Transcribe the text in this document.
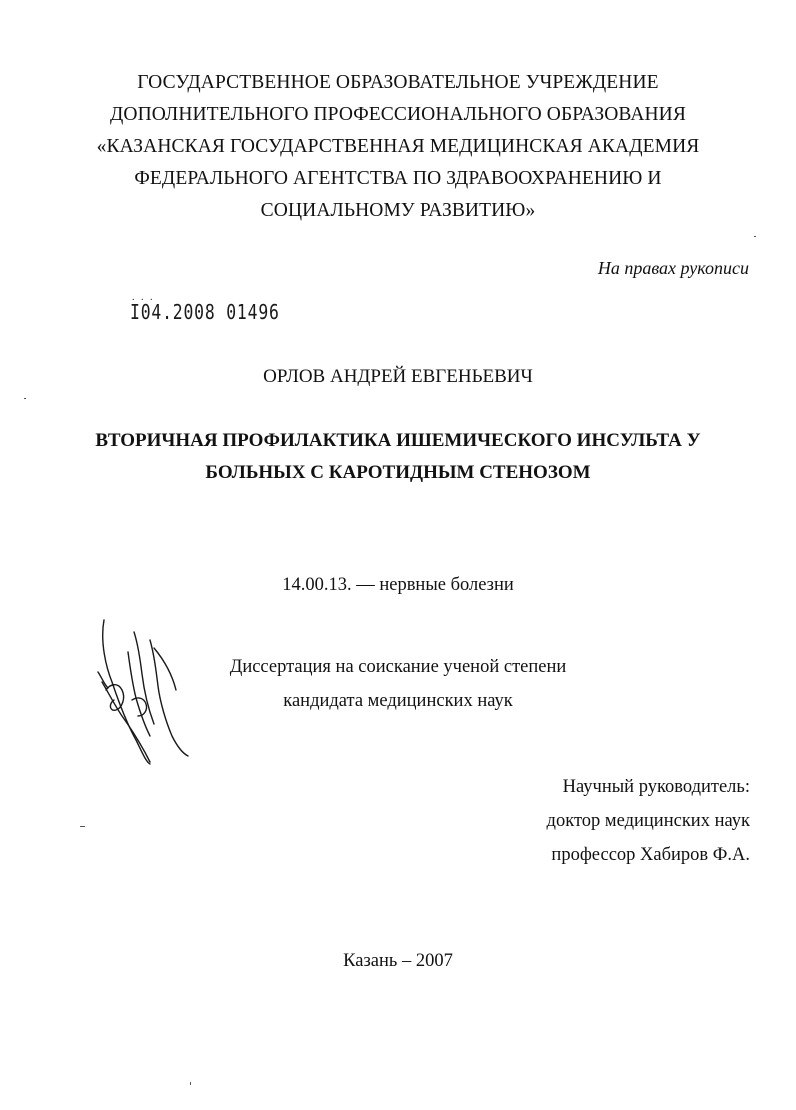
ГОСУДАРСТВЕННОЕ ОБРАЗОВАТЕЛЬНОЕ УЧРЕЖДЕНИЕ
ДОПОЛНИТЕЛЬНОГО ПРОФЕССИОНАЛЬНОГО ОБРАЗОВАНИЯ
«КАЗАНСКАЯ ГОСУДАРСТВЕННАЯ МЕДИЦИНСКАЯ АКАДЕМИЯ
ФЕДЕРАЛЬНОГО АГЕНТСТВА ПО ЗДРАВООХРАНЕНИЮ И
СОЦИАЛЬНОМУ РАЗВИТИЮ»
На правах рукописи
. . .
I04.2008 01496
ОРЛОВ АНДРЕЙ ЕВГЕНЬЕВИЧ
ВТОРИЧНАЯ ПРОФИЛАКТИКА ИШЕМИЧЕСКОГО ИНСУЛЬТА У
БОЛЬНЫХ С КАРОТИДНЫМ СТЕНОЗОМ
14.00.13. — нервные болезни
Диссертация на соискание ученой степени
кандидата медицинских наук
Научный руководитель:
доктор медицинских наук
профессор Хабиров Ф.А.
Казань – 2007
